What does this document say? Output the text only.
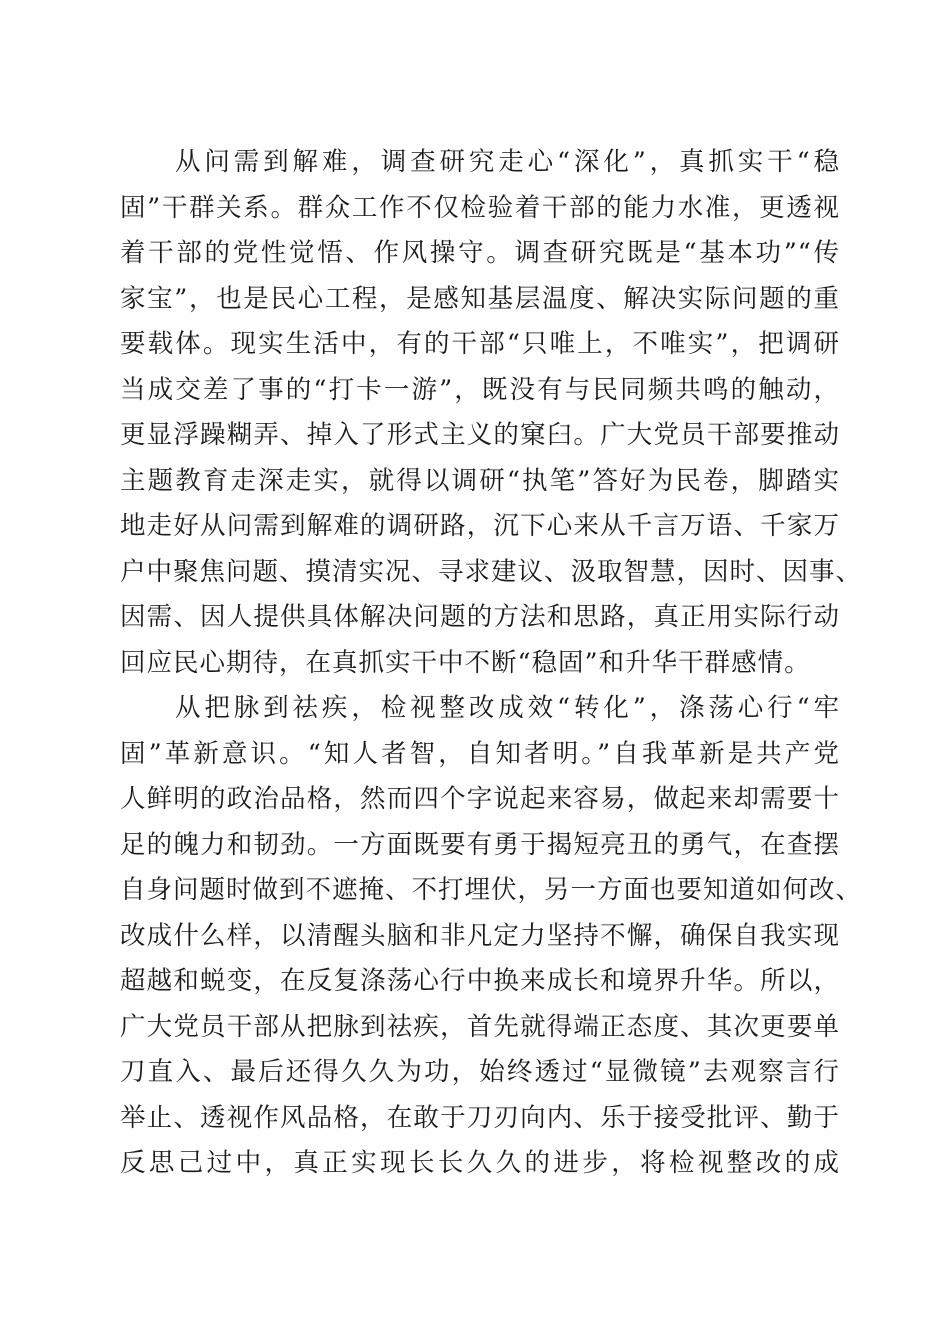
从问需到解难，调查研究走心“深化”，真抓实干“稳
固”干群关系。群众工作不仅检验着干部的能力水准，更透视
着干部的党性觉悟、作风操守。调查研究既是“基本功”“传
家宝”，也是民心工程，是感知基层温度、解决实际问题的重
要载体。现实生活中，有的干部“只唯上，不唯实”，把调研
当成交差了事的“打卡一游”，既没有与民同频共鸣的触动，
更显浮躁糊弄、掉入了形式主义的窠臼。广大党员干部要推动
主题教育走深走实，就得以调研“执笔”答好为民卷，脚踏实
地走好从问需到解难的调研路，沉下心来从千言万语、千家万
户中聚焦问题、摸清实况、寻求建议、汲取智慧，因时、因事、
因需、因人提供具体解决问题的方法和思路，真正用实际行动
回应民心期待，在真抓实干中不断“稳固”和升华干群感情。
从把脉到祛疾，检视整改成效“转化”，涤荡心行“牢
固”革新意识。“知人者智，自知者明。”自我革新是共产党
人鲜明的政治品格，然而四个字说起来容易，做起来却需要十
足的魄力和韧劲。一方面既要有勇于揭短亮丑的勇气，在查摆
自身问题时做到不遮掩、不打埋伏，另一方面也要知道如何改、
改成什么样，以清醒头脑和非凡定力坚持不懈，确保自我实现
超越和蜕变，在反复涤荡心行中换来成长和境界升华。所以，
广大党员干部从把脉到祛疾，首先就得端正态度、其次更要单
刀直入、最后还得久久为功，始终透过“显微镜”去观察言行
举止、透视作风品格，在敢于刀刃向内、乐于接受批评、勤于
反思己过中，真正实现长长久久的进步，将检视整改的成
